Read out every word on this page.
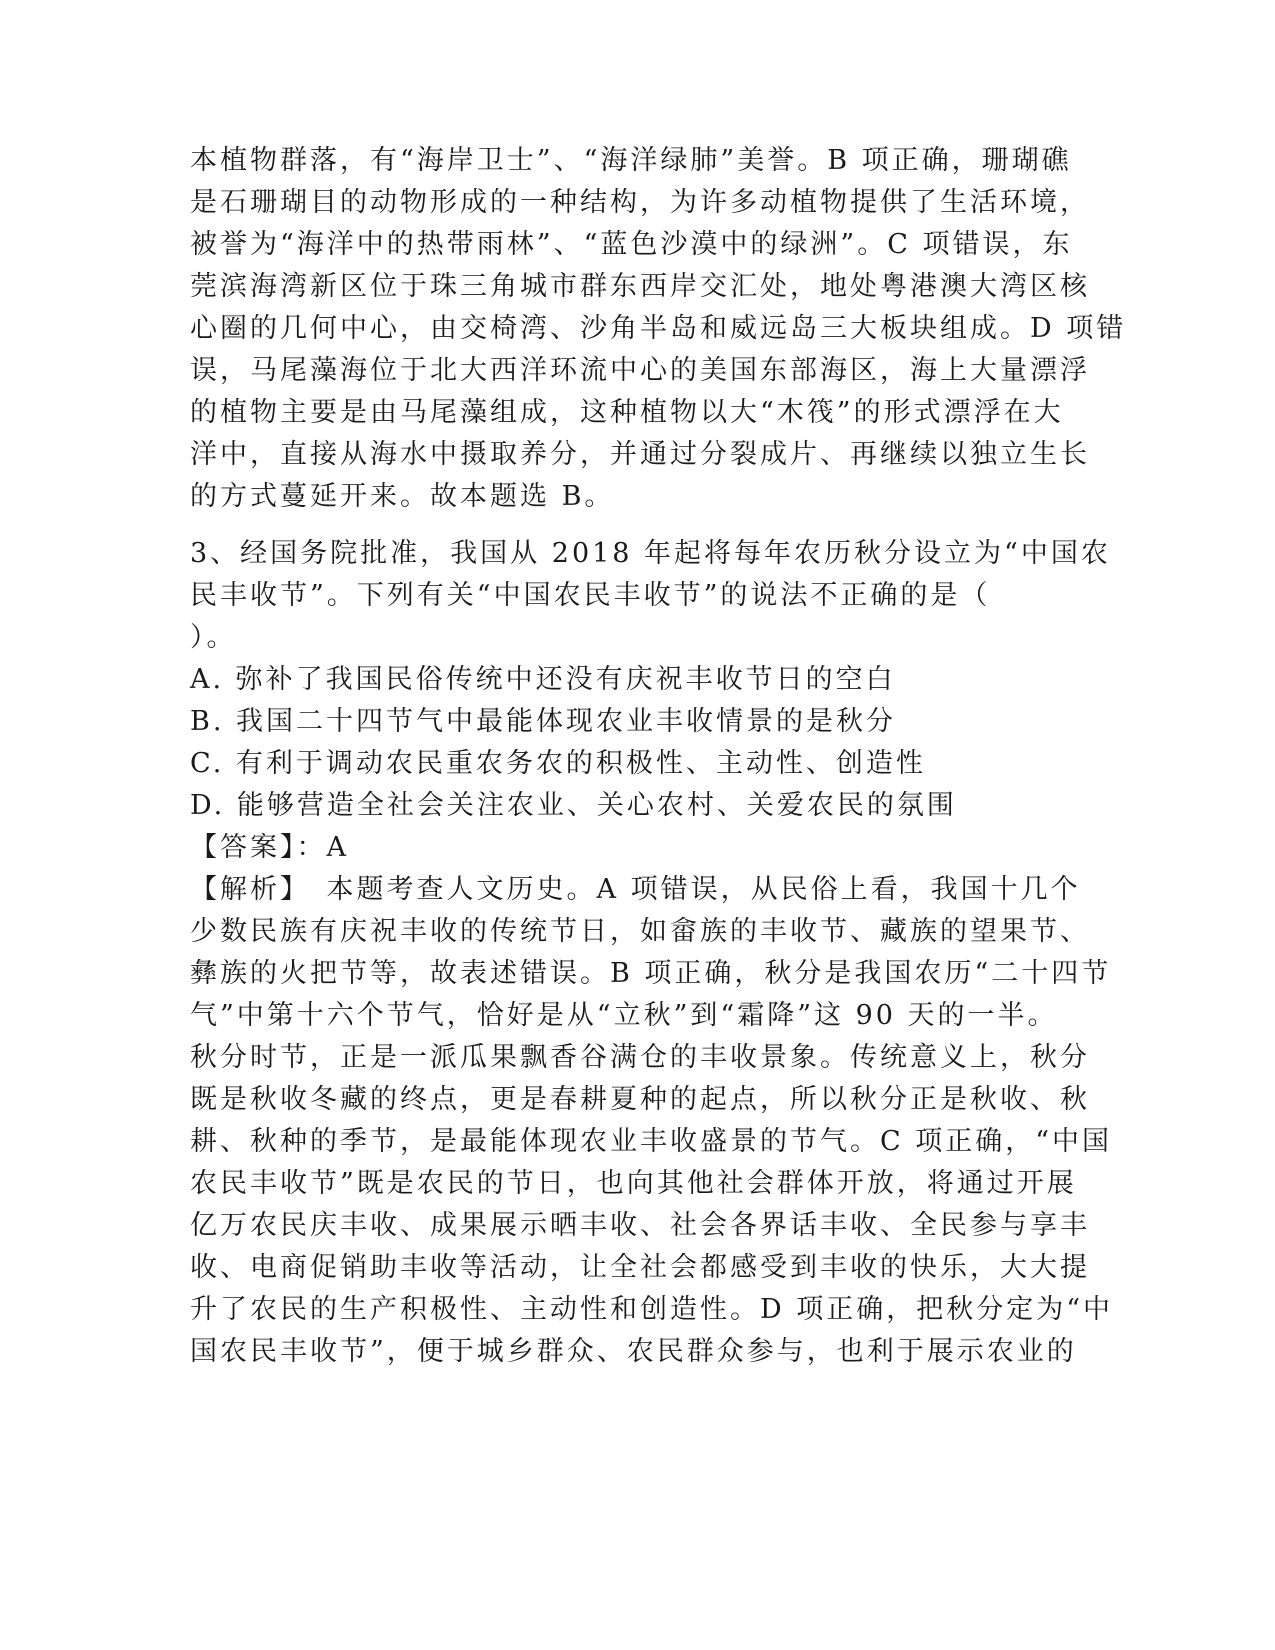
本植物群落，有“海岸卫士”、“海洋绿肺”美誉。B 项正确，珊瑚礁
是石珊瑚目的动物形成的一种结构，为许多动植物提供了生活环境，
被誉为“海洋中的热带雨林”、“蓝色沙漠中的绿洲”。C 项错误，东
莞滨海湾新区位于珠三角城市群东西岸交汇处，地处粤港澳大湾区核
心圈的几何中心，由交椅湾、沙角半岛和威远岛三大板块组成。D 项错
误，马尾藻海位于北大西洋环流中心的美国东部海区，海上大量漂浮
的植物主要是由马尾藻组成，这种植物以大“木筏”的形式漂浮在大
洋中，直接从海水中摄取养分，并通过分裂成片、再继续以独立生长
的方式蔓延开来。故本题选 B。
3、经国务院批准，我国从 2018 年起将每年农历秋分设立为“中国农
民丰收节”。下列有关“中国农民丰收节”的说法不正确的是（
）。
A. 弥补了我国民俗传统中还没有庆祝丰收节日的空白
B. 我国二十四节气中最能体现农业丰收情景的是秋分
C. 有利于调动农民重农务农的积极性、主动性、创造性
D. 能够营造全社会关注农业、关心农村、关爱农民的氛围
【答案】：A
【解析】　本题考查人文历史。A 项错误，从民俗上看，我国十几个
少数民族有庆祝丰收的传统节日，如畲族的丰收节、藏族的望果节、
彝族的火把节等，故表述错误。B 项正确，秋分是我国农历“二十四节
气”中第十六个节气，恰好是从“立秋”到“霜降”这 90 天的一半。
秋分时节，正是一派瓜果飘香谷满仓的丰收景象。传统意义上，秋分
既是秋收冬藏的终点，更是春耕夏种的起点，所以秋分正是秋收、秋
耕、秋种的季节，是最能体现农业丰收盛景的节气。C 项正确，“中国
农民丰收节”既是农民的节日，也向其他社会群体开放，将通过开展
亿万农民庆丰收、成果展示晒丰收、社会各界话丰收、全民参与享丰
收、电商促销助丰收等活动，让全社会都感受到丰收的快乐，大大提
升了农民的生产积极性、主动性和创造性。D 项正确，把秋分定为“中
国农民丰收节”，便于城乡群众、农民群众参与，也利于展示农业的
